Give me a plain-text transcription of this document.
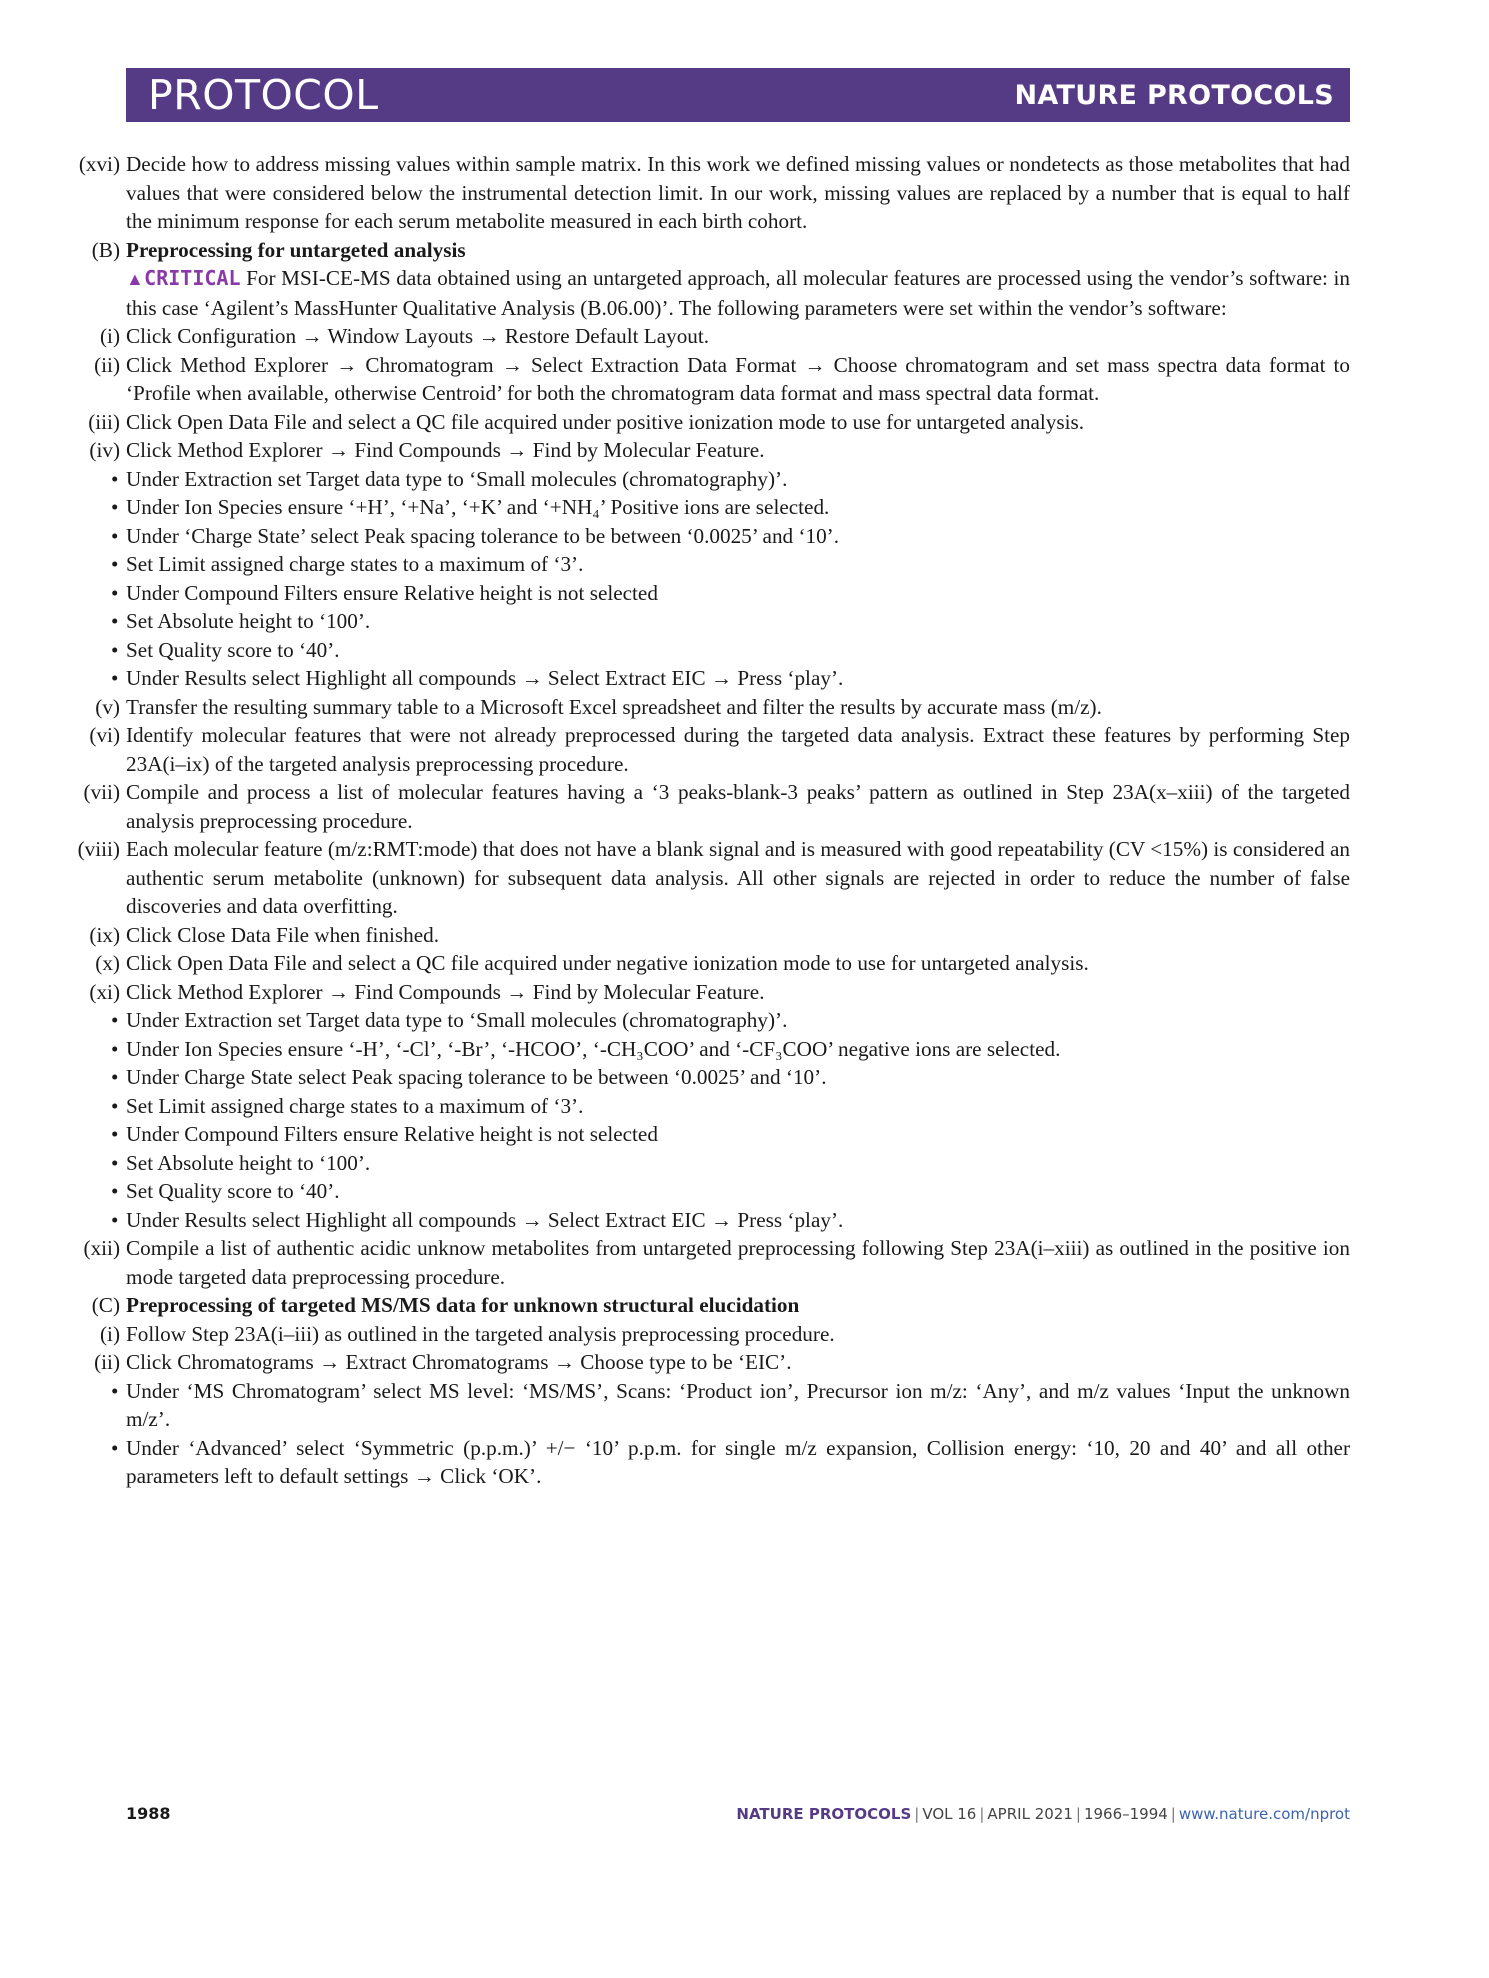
PROTOCOL	NATURE PROTOCOLS

(xvi) Decide how to address missing values within sample matrix. In this work we defined missing values or nondetects as those metabolites that had values that were considered below the instrumental detection limit. In our work, missing values are replaced by a number that is equal to half the minimum response for each serum metabolite measured in each birth cohort.

(B) Preprocessing for untargeted analysis

▲CRITICAL For MSI-CE-MS data obtained using an untargeted approach, all molecular features are processed using the vendor’s software: in this case ‘Agilent’s MassHunter Qualitative Analysis (B.06.00)’. The following parameters were set within the vendor’s software:

(i) Click Configuration → Window Layouts → Restore Default Layout.

(ii) Click Method Explorer → Chromatogram → Select Extraction Data Format → Choose chromatogram and set mass spectra data format to ‘Profile when available, otherwise Centroid’ for both the chromatogram data format and mass spectral data format.

(iii) Click Open Data File and select a QC file acquired under positive ionization mode to use for untargeted analysis.

(iv) Click Method Explorer → Find Compounds → Find by Molecular Feature.

• Under Extraction set Target data type to ‘Small molecules (chromatography)’.

• Under Ion Species ensure ‘+H’, ‘+Na’, ‘+K’ and ‘+NH₄’ Positive ions are selected.

• Under ‘Charge State’ select Peak spacing tolerance to be between ‘0.0025’ and ‘10’.

• Set Limit assigned charge states to a maximum of ‘3’.

• Under Compound Filters ensure Relative height is not selected

• Set Absolute height to ‘100’.

• Set Quality score to ‘40’.

• Under Results select Highlight all compounds → Select Extract EIC → Press ‘play’.

(v) Transfer the resulting summary table to a Microsoft Excel spreadsheet and filter the results by accurate mass (m/z).

(vi) Identify molecular features that were not already preprocessed during the targeted data analysis. Extract these features by performing Step 23A(i–ix) of the targeted analysis preprocessing procedure.

(vii) Compile and process a list of molecular features having a ‘3 peaks-blank-3 peaks’ pattern as outlined in Step 23A(x–xiii) of the targeted analysis preprocessing procedure.

(viii) Each molecular feature (m/z:RMT:mode) that does not have a blank signal and is measured with good repeatability (CV <15%) is considered an authentic serum metabolite (unknown) for subsequent data analysis. All other signals are rejected in order to reduce the number of false discoveries and data overfitting.

(ix) Click Close Data File when finished.

(x) Click Open Data File and select a QC file acquired under negative ionization mode to use for untargeted analysis.

(xi) Click Method Explorer → Find Compounds → Find by Molecular Feature.

• Under Extraction set Target data type to ‘Small molecules (chromatography)’.

• Under Ion Species ensure ‘-H’, ‘-Cl’, ‘-Br’, ‘-HCOO’, ‘-CH₃COO’ and ‘-CF₃COO’ negative ions are selected.

• Under Charge State select Peak spacing tolerance to be between ‘0.0025’ and ‘10’.

• Set Limit assigned charge states to a maximum of ‘3’.

• Under Compound Filters ensure Relative height is not selected

• Set Absolute height to ‘100’.

• Set Quality score to ‘40’.

• Under Results select Highlight all compounds → Select Extract EIC → Press ‘play’.

(xii) Compile a list of authentic acidic unknow metabolites from untargeted preprocessing following Step 23A(i–xiii) as outlined in the positive ion mode targeted data preprocessing procedure.

(C) Preprocessing of targeted MS/MS data for unknown structural elucidation

(i) Follow Step 23A(i–iii) as outlined in the targeted analysis preprocessing procedure.

(ii) Click Chromatograms → Extract Chromatograms → Choose type to be ‘EIC’.

• Under ‘MS Chromatogram’ select MS level: ‘MS/MS’, Scans: ‘Product ion’, Precursor ion m/z: ‘Any’, and m/z values ‘Input the unknown m/z’.

• Under ‘Advanced’ select ‘Symmetric (p.p.m.)’ +/− ‘10’ p.p.m. for single m/z expansion, Collision energy: ‘10, 20 and 40’ and all other parameters left to default settings → Click ‘OK’.

1988	NATURE PROTOCOLS | VOL 16 | APRIL 2021 | 1966–1994 | www.nature.com/nprot
